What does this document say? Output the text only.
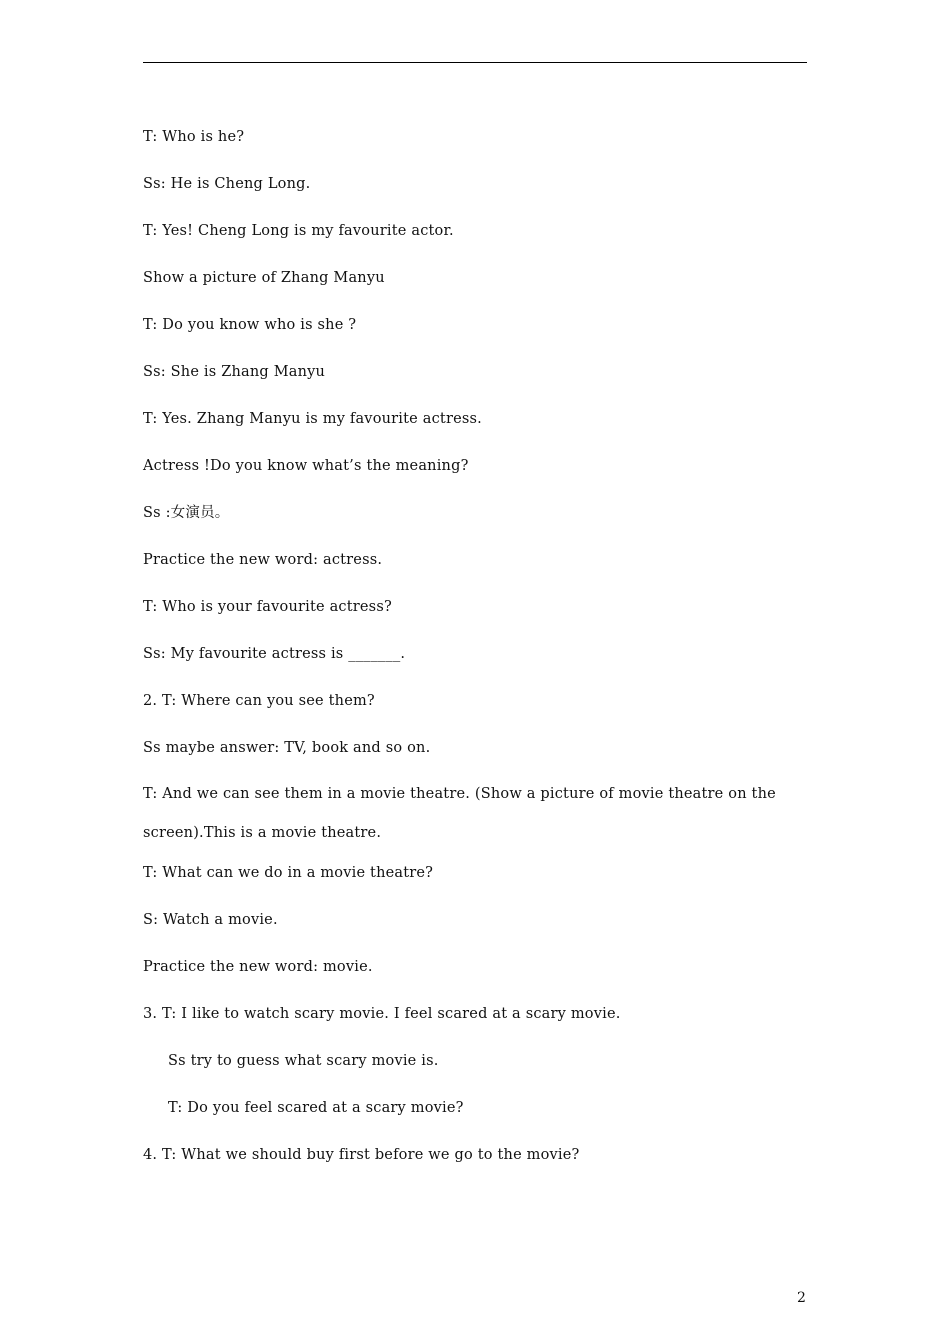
T: Who is he?
Ss: He is Cheng Long.
T: Yes! Cheng Long is my favourite actor.
Show a picture of Zhang Manyu
T: Do you know who is she ?
Ss: She is Zhang Manyu
T: Yes. Zhang Manyu is my favourite actress.
Actress !Do you know what’s the meaning?
Ss :女演员。
Practice the new word: actress.
T: Who is your favourite actress?
Ss: My favourite actress is _______.
2. T: Where can you see them?
Ss maybe answer: TV, book and so on.
T: And we can see them in a movie theatre. (Show a picture of movie theatre on the screen).This is a movie theatre.
T: What can we do in a movie theatre?
S: Watch a movie.
Practice the new word: movie.
3. T: I like to watch scary movie. I feel scared at a scary movie.
Ss try to guess what scary movie is.
T: Do you feel scared at a scary movie?
4. T: What we should buy first before we go to the movie?
2
